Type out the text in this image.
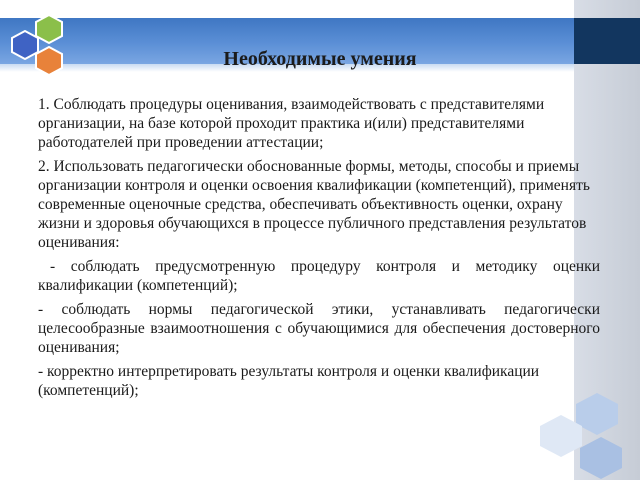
Необходимые умения

1. Соблюдать процедуры оценивания, взаимодействовать с представителями организации, на базе которой проходит практика и(или) представителями работодателей при проведении аттестации;

2. Использовать педагогически обоснованные формы, методы, способы и приемы организации контроля и оценки освоения квалификации (компетенций), применять современные оценочные средства, обеспечивать объективность оценки, охрану жизни и здоровья обучающихся в процессе публичного представления результатов оценивания:

- соблюдать предусмотренную процедуру контроля и методику оценки квалификации (компетенций);

- соблюдать нормы педагогической этики, устанавливать педагогически целесообразные взаимоотношения с обучающимися для обеспечения достоверного оценивания;

- корректно интерпретировать результаты контроля и оценки квалификации (компетенций);
